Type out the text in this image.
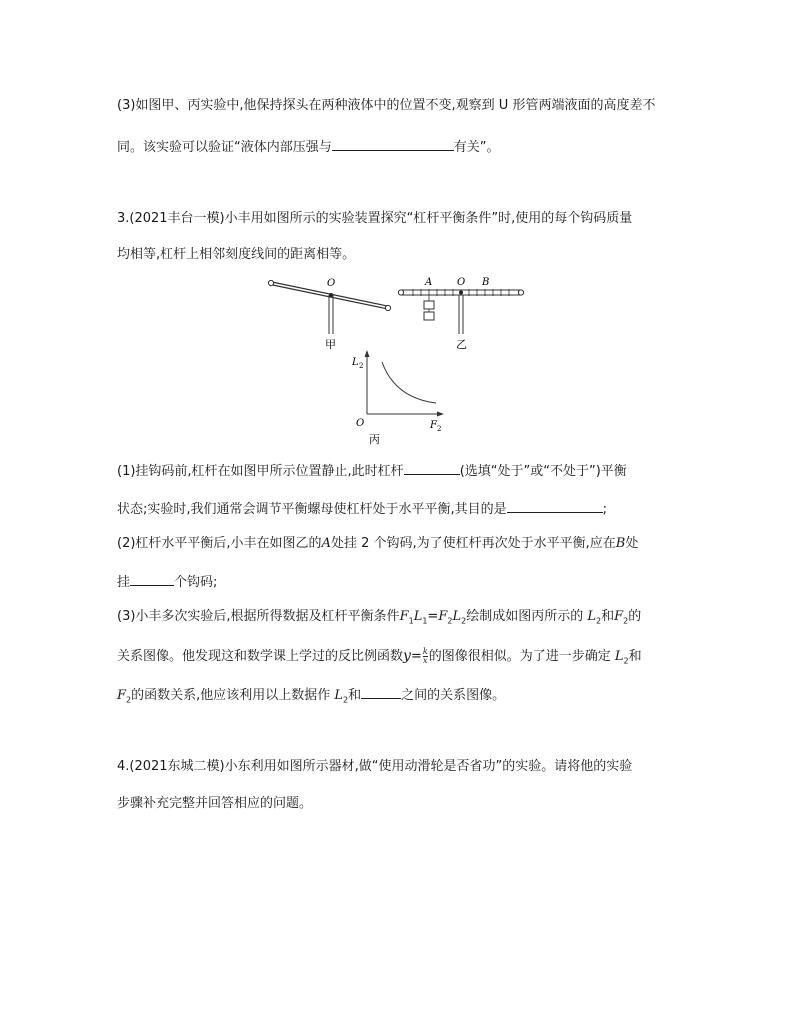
(3)如图甲、丙实验中,他保持探头在两种液体中的位置不变,观察到 U 形管两端液面的高度差不
同。该实验可以验证“液体内部压强与	有关”。
3.(2021丰台一模)小丰用如图所示的实验装置探究“杠杆平衡条件”时,使用的每个钩码质量
均相等,杠杆上相邻刻度线间的距离相等。
O
甲
O
A	B
乙
L 2
F 2
O
丙
(1)挂钩码前,杠杆在如图甲所示位置静止,此时杠杆	(选填“处于”或“不处于”)平衡
状态;实验时,我们通常会调节平衡螺母使杠杆处于水平平衡,其目的是	;
(2)杠杆水平平衡后,小丰在如图乙的A处挂 2 个钩码,为了使杠杆再次处于水平平衡,应在B处
挂	个钩码;
(3)小丰多次实验后,根据所得数据及杠杆平衡条件$F_1L_1=F_2L_2$绘制成如图丙所示的 $L_2$和$F_2$的
关系图像。他发现这和数学课上学过的反比例函数$y= \frac{k}{x}$ 的图像很相似。为了进一步确定 $L_2$和
$F_2$的函数关系,他应该利用以上数据作 $L_2$和	之间的关系图像。
4.(2021东城二模)小东利用如图所示器材,做“使用动滑轮是否省功”的实验。请将他的实验
步骤补充完整并回答相应的问题。
